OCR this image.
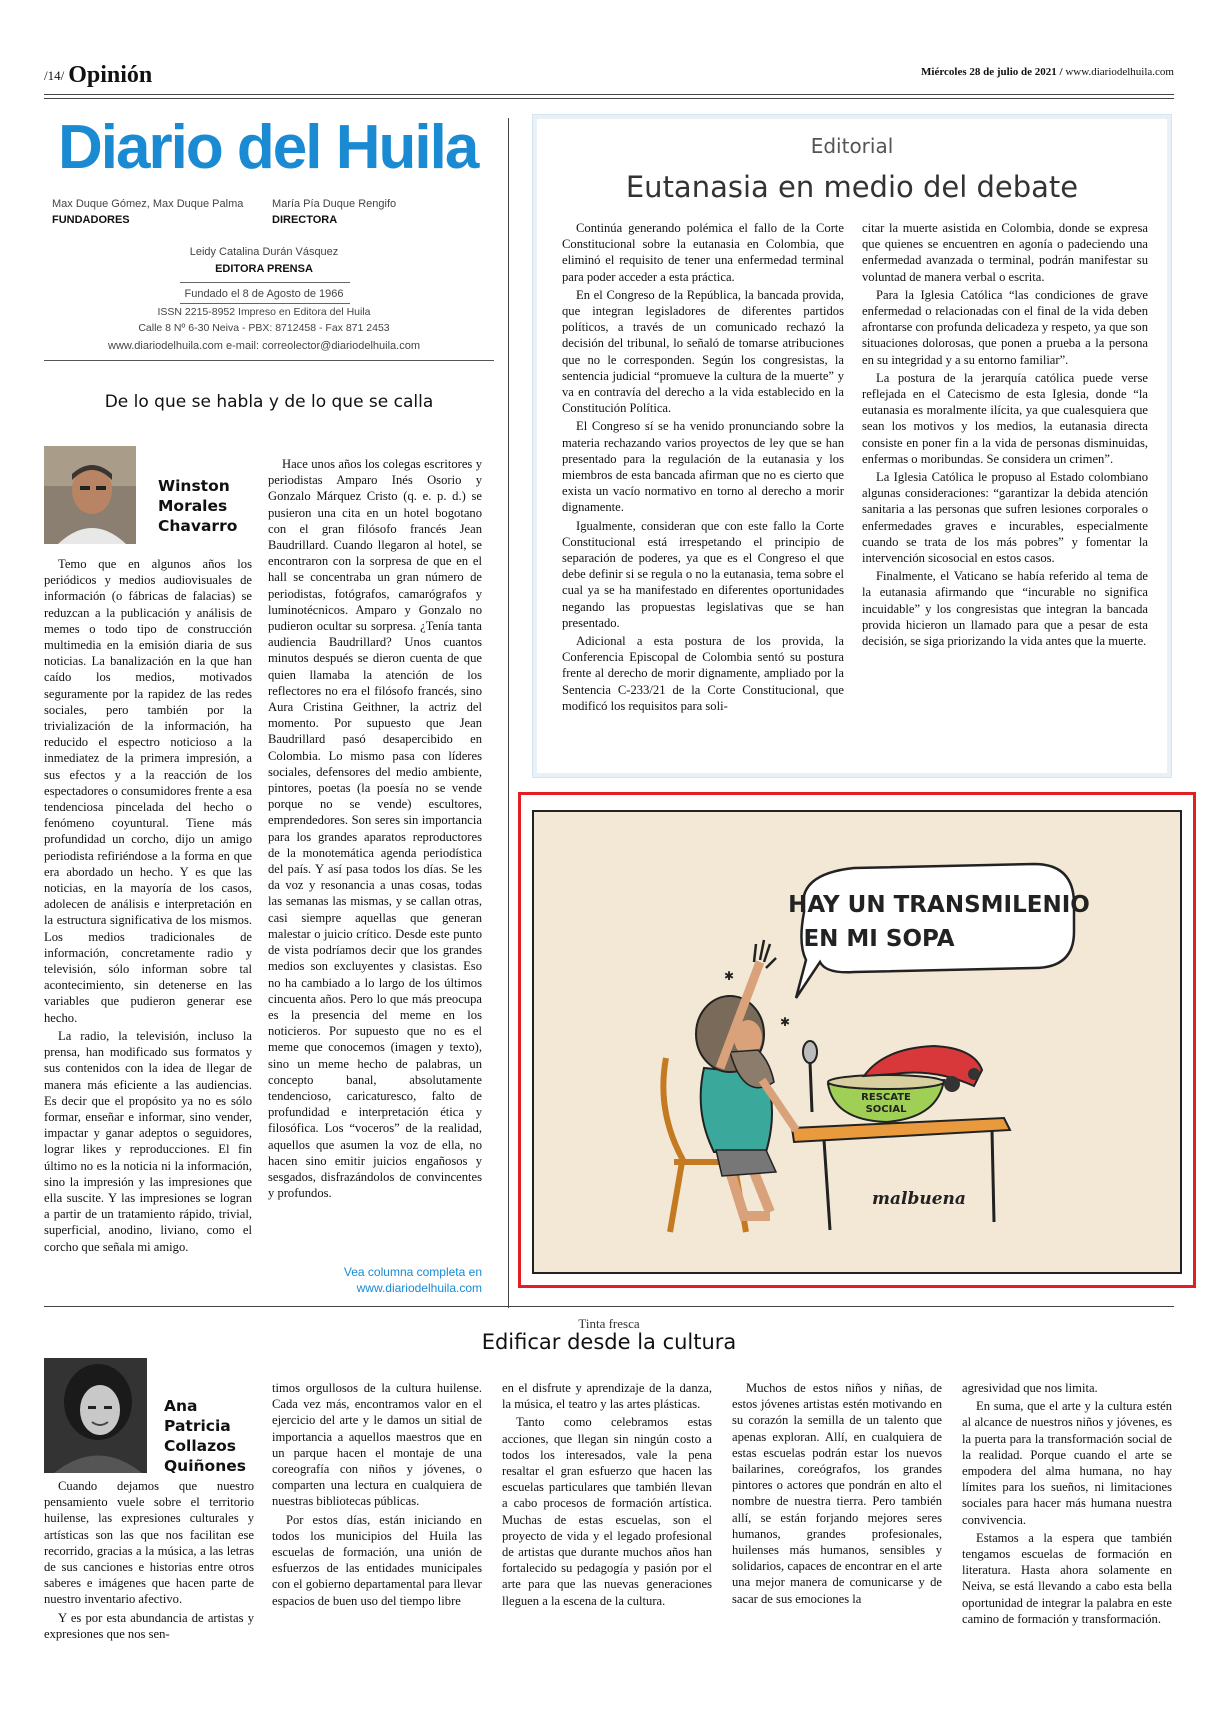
/14/ Opinión	Miércoles 28 de julio de 2021 / www.diariodelhuila.com
Diario del Huila
Max Duque Gómez, Max Duque Palma
FUNDADORES
María Pía Duque Rengifo
DIRECTORA
Leidy Catalina Durán Vásquez
EDITORA PRENSA
Fundado el 8 de Agosto de 1966
ISSN 2215-8952 Impreso en Editora del Huila
Calle 8 Nº 6-30 Neiva - PBX: 8712458 - Fax 871 2453
www.diariodelhuila.com e-mail: correolector@diariodelhuila.com
De lo que se habla y de lo que se calla
Winston
Morales
Chavarro

Temo que en algunos años los periódicos y medios audiovisuales de información (o fábricas de falacias) se reduzcan a la publicación y análisis de memes o todo tipo de construcción multimedia en la emisión diaria de sus noticias. La banalización en la que han caído los medios, motivados seguramente por la rapidez de las redes sociales, pero también por la trivialización de la información, ha reducido el espectro noticioso a la inmediatez de la primera impresión, a sus efectos y a la reacción de los espectadores o consumidores frente a esa tendenciosa pincelada del hecho o fenómeno coyuntural. Tiene más profundidad un corcho, dijo un amigo periodista refiriéndose a la forma en que era abordado un hecho. Y es que las noticias, en la mayoría de los casos, adolecen de análisis e interpretación en la estructura significativa de los mismos. Los medios tradicionales de información, concretamente radio y televisión, sólo informan sobre tal acontecimiento, sin detenerse en las variables que pudieron generar ese hecho.

La radio, la televisión, incluso la prensa, han modificado sus formatos y sus contenidos con la idea de llegar de manera más eficiente a las audiencias. Es decir que el propósito ya no es sólo formar, enseñar e informar, sino vender, impactar y ganar adeptos o seguidores, lograr likes y reproducciones. El fin último no es la noticia ni la información, sino la impresión y las impresiones que ella suscite. Y las impresiones se logran a partir de un tratamiento rápido, trivial, superficial, anodino, liviano, como el corcho que señala mi amigo.

Hace unos años los colegas escritores y periodistas Amparo Inés Osorio y Gonzalo Márquez Cristo (q. e. p. d.) se pusieron una cita en un hotel bogotano con el gran filósofo francés Jean Baudrillard. Cuando llegaron al hotel, se encontraron con la sorpresa de que en el hall se concentraba un gran número de periodistas, fotógrafos, camarógrafos y luminotécnicos. Amparo y Gonzalo no pudieron ocultar su sorpresa. ¿Tenía tanta audiencia Baudrillard? Unos cuantos minutos después se dieron cuenta de que quien llamaba la atención de los reflectores no era el filósofo francés, sino Aura Cristina Geithner, la actriz del momento. Por supuesto que Jean Baudrillard pasó desapercibido en Colombia. Lo mismo pasa con líderes sociales, defensores del medio ambiente, pintores, poetas (la poesía no se vende porque no se vende) escultores, emprendedores. Son seres sin importancia para los grandes aparatos reproductores de la monotemática agenda periodística del país. Y así pasa todos los días. Se les da voz y resonancia a unas cosas, todas las semanas las mismas, y se callan otras, casi siempre aquellas que generan malestar o juicio crítico. Desde este punto de vista podríamos decir que los grandes medios son excluyentes y clasistas. Eso no ha cambiado a lo largo de los últimos cincuenta años. Pero lo que más preocupa es la presencia del meme en los noticieros. Por supuesto que no es el meme que conocemos (imagen y texto), sino un meme hecho de palabras, un concepto banal, absolutamente tendencioso, caricaturesco, falto de profundidad e interpretación ética y filosófica. Los “voceros” de la realidad, aquellos que asumen la voz de ella, no hacen sino emitir juicios engañosos y sesgados, disfrazándolos de convincentes y profundos.

Vea columna completa en
www.diariodelhuila.com
Editorial
Eutanasia en medio del debate

Continúa generando polémica el fallo de la Corte Constitucional sobre la eutanasia en Colombia, que eliminó el requisito de tener una enfermedad terminal para poder acceder a esta práctica.

En el Congreso de la República, la bancada provida, que integran legisladores de diferentes partidos políticos, a través de un comunicado rechazó la decisión del tribunal, lo señaló de tomarse atribuciones que no le corresponden. Según los congresistas, la sentencia judicial “promueve la cultura de la muerte” y va en contravía del derecho a la vida establecido en la Constitución Política.

El Congreso sí se ha venido pronunciando sobre la materia rechazando varios proyectos de ley que se han presentado para la regulación de la eutanasia y los miembros de esta bancada afirman que no es cierto que exista un vacío normativo en torno al derecho a morir dignamente.

Igualmente, consideran que con este fallo la Corte Constitucional está irrespetando el principio de separación de poderes, ya que es el Congreso el que debe definir si se regula o no la eutanasia, tema sobre el cual ya se ha manifestado en diferentes oportunidades negando las propuestas legislativas que se han presentado.

Adicional a esta postura de los provida, la Conferencia Episcopal de Colombia sentó su postura frente al derecho de morir dignamente, ampliado por la Sentencia C-233/21 de la Corte Constitucional, que modificó los requisitos para soli-

citar la muerte asistida en Colombia, donde se expresa que quienes se encuentren en agonía o padeciendo una enfermedad avanzada o terminal, podrán manifestar su voluntad de manera verbal o escrita.

Para la Iglesia Católica “las condiciones de grave enfermedad o relacionadas con el final de la vida deben afrontarse con profunda delicadeza y respeto, ya que son situaciones dolorosas, que ponen a prueba a la persona en su integridad y a su entorno familiar”.

La postura de la jerarquía católica puede verse reflejada en el Catecismo de esta Iglesia, donde “la eutanasia es moralmente ilícita, ya que cualesquiera que sean los motivos y los medios, la eutanasia directa consiste en poner fin a la vida de personas disminuidas, enfermas o moribundas. Se considera un crimen”.

La Iglesia Católica le propuso al Estado colombiano algunas consideraciones: “garantizar la debida atención sanitaria a las personas que sufren lesiones corporales o enfermedades graves e incurables, especialmente cuando se trata de los más pobres” y fomentar la intervención sicosocial en estos casos.

Finalmente, el Vaticano se había referido al tema de la eutanasia afirmando que “incurable no significa incuidable” y los congresistas que integran la bancada provida hicieron un llamado para que a pesar de esta decisión, se siga priorizando la vida antes que la muerte.

HAY UN TRANSMILENIO
EN MI SOPA
RESCATE
SOCIAL
✱
✱
malbuena
Tinta fresca
Edificar desde la cultura
Ana
Patricia
Collazos
Quiñones

Cuando dejamos que nuestro pensamiento vuele sobre el territorio huilense, las expresiones culturales y artísticas son las que nos facilitan ese recorrido, gracias a la música, a las letras de sus canciones e historias entre otros saberes e imágenes que hacen parte de nuestro inventario afectivo.

Y es por esta abundancia de artistas y expresiones que nos sen-

timos orgullosos de la cultura huilense. Cada vez más, encontramos valor en el ejercicio del arte y le damos un sitial de importancia a aquellos maestros que en un parque hacen el montaje de una coreografía con niños y jóvenes, o comparten una lectura en cualquiera de nuestras bibliotecas públicas.

Por estos días, están iniciando en todos los municipios del Huila las escuelas de formación, una unión de esfuerzos de las entidades municipales con el gobierno departamental para llevar espacios de buen uso del tiempo libre

en el disfrute y aprendizaje de la danza, la música, el teatro y las artes plásticas.

Tanto como celebramos estas acciones, que llegan sin ningún costo a todos los interesados, vale la pena resaltar el gran esfuerzo que hacen las escuelas particulares que también llevan a cabo procesos de formación artística. Muchas de estas escuelas, son el proyecto de vida y el legado profesional de artistas que durante muchos años han fortalecido su pedagogía y pasión por el arte para que las nuevas generaciones lleguen a la escena de la cultura.

Muchos de estos niños y niñas, de estos jóvenes artistas estén motivando en su corazón la semilla de un talento que apenas exploran. Allí, en cualquiera de estas escuelas podrán estar los nuevos bailarines, coreógrafos, los grandes pintores o actores que pondrán en alto el nombre de nuestra tierra. Pero también allí, se están forjando mejores seres humanos, grandes profesionales, huilenses más humanos, sensibles y solidarios, capaces de encontrar en el arte una mejor manera de comunicarse y de sacar de sus emociones la

agresividad que nos limita.

En suma, que el arte y la cultura estén al alcance de nuestros niños y jóvenes, es la puerta para la transformación social de la realidad. Porque cuando el arte se empodera del alma humana, no hay límites para los sueños, ni limitaciones sociales para hacer más humana nuestra convivencia.

Estamos a la espera que también tengamos escuelas de formación en literatura. Hasta ahora solamente en Neiva, se está llevando a cabo esta bella oportunidad de integrar la palabra en este camino de formación y transformación.
